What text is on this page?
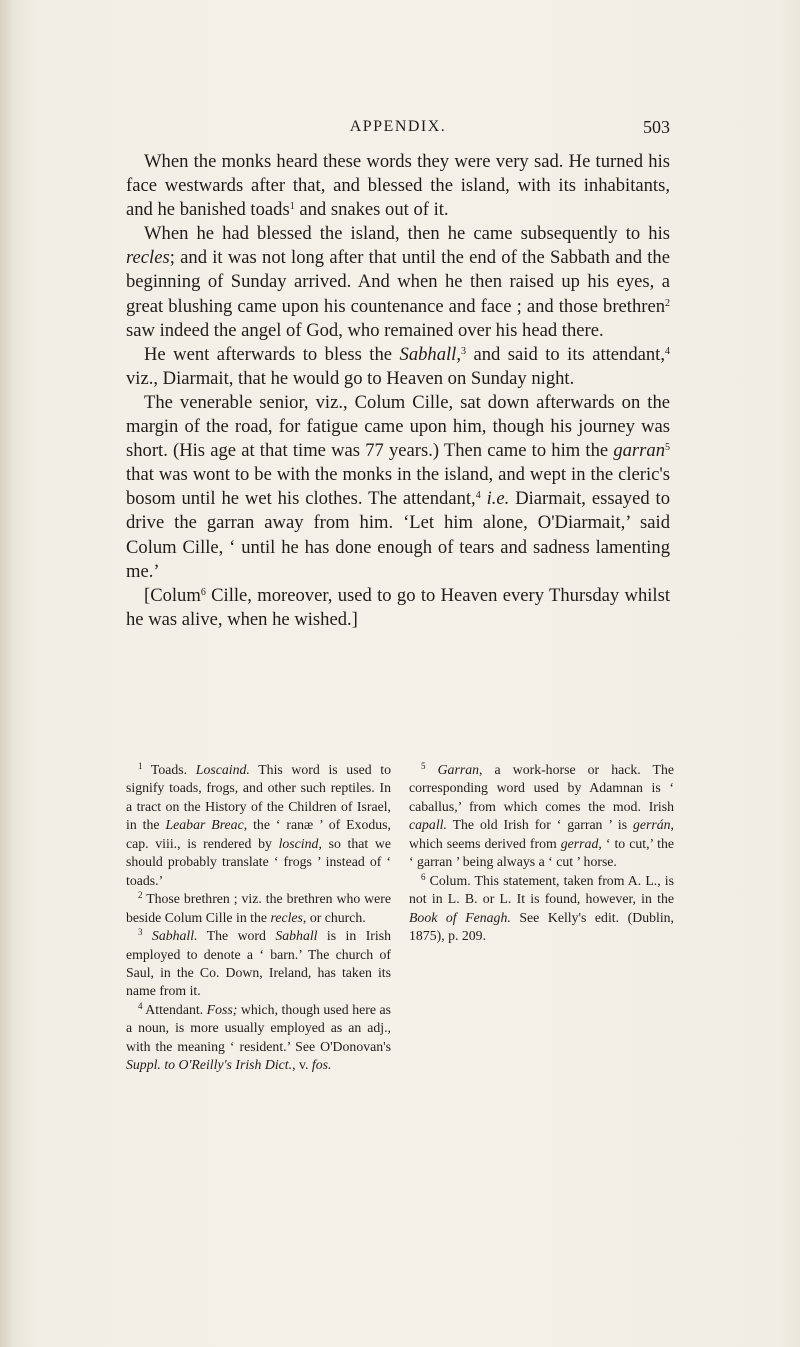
APPENDIX.	503

When the monks heard these words they were very sad. He turned his face westwards after that, and blessed the island, with its inhabitants, and he banished toads$^1$ and snakes out of it.

When he had blessed the island, then he came subsequently to his recles; and it was not long after that until the end of the Sabbath and the beginning of Sunday arrived. And when he then raised up his eyes, a great blushing came upon his countenance and face ; and those brethren$^2$ saw indeed the angel of God, who remained over his head there.

He went afterwards to bless the Sabhall,$^3$ and said to its attendant,$^4$ viz., Diarmait, that he would go to Heaven on Sunday night.

The venerable senior, viz., Colum Cille, sat down afterwards on the margin of the road, for fatigue came upon him, though his journey was short. (His age at that time was 77 years.) Then came to him the garran$^5$ that was wont to be with the monks in the island, and wept in the cleric's bosom until he wet his clothes. The attendant,$^4$ i.e. Diarmait, essayed to drive the garran away from him. ‘Let him alone, O'Diarmait,’ said Colum Cille, ‘ until he has done enough of tears and sadness lamenting me.’

[Colum$^6$ Cille, moreover, used to go to Heaven every Thursday whilst he was alive, when he wished.]

$^1$ Toads. Loscaind. This word is used to signify toads, frogs, and other such reptiles. In a tract on the History of the Children of Israel, in the Leabar Breac, the ‘ ranæ ’ of Exodus, cap. viii., is rendered by loscind, so that we should probably translate ‘ frogs ’ instead of ‘ toads.’

$^2$ Those brethren ; viz. the brethren who were beside Colum Cille in the recles, or church.

$^3$ Sabhall. The word Sabhall is in Irish employed to denote a ‘ barn.’ The church of Saul, in the Co. Down, Ireland, has taken its name from it.

$^4$ Attendant. Foss; which, though used here as a noun, is more usually employed as an adj., with the meaning ‘ resident.’ See O'Donovan's Suppl. to O'Reilly's Irish Dict., v. fos.

$^5$ Garran, a work-horse or hack. The corresponding word used by Adamnan is ‘ caballus,’ from which comes the mod. Irish capall. The old Irish for ‘ garran ’ is gerrán, which seems derived from gerrad, ‘ to cut,’ the ‘ garran ’ being always a ‘ cut ’ horse.

$^6$ Colum. This statement, taken from A. L., is not in L. B. or L. It is found, however, in the Book of Fenagh. See Kelly's edit. (Dublin, 1875), p. 209.
